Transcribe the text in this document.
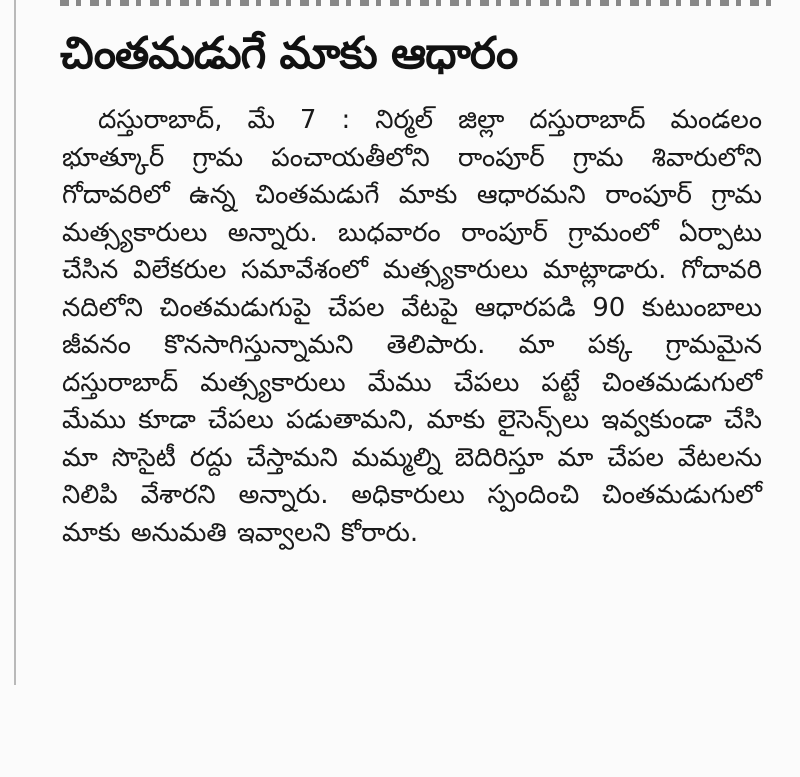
చింతమడుగే మాకు ఆధారం

దస్తురాబాద్, మే 7 : నిర్మల్ జిల్లా దస్తురాబాద్ మండలం భూత్కూర్ గ్రామ పంచాయతీలోని రాంపూర్ గ్రామ శివారులోని గోదావరిలో ఉన్న చింతమడుగే మాకు ఆధారమని రాంపూర్ గ్రామ మత్స్యకారులు అన్నారు. బుధవారం రాంపూర్ గ్రామంలో ఏర్పాటు చేసిన విలేకరుల సమావేశంలో మత్స్యకారులు మాట్లాడారు. గోదావరి నదిలోని చింతమడుగుపై చేపల వేటపై ఆధారపడి 90 కుటుంబాలు జీవనం కొనసాగిస్తున్నామని తెలిపారు. మా పక్క గ్రామమైన దస్తురాబాద్ మత్స్యకారులు మేము చేపలు పట్టే చింతమడుగులో మేము కూడా చేపలు పడుతామని, మాకు లైసెన్స్‌లు ఇవ్వకుండా చేసి మా సొసైటీ రద్దు చేస్తామని మమ్మల్ని బెదిరిస్తూ మా చేపల వేటలను నిలిపి వేశారని అన్నారు. అధికారులు స్పందించి చింతమడుగులో మాకు అనుమతి ఇవ్వాలని కోరారు.
